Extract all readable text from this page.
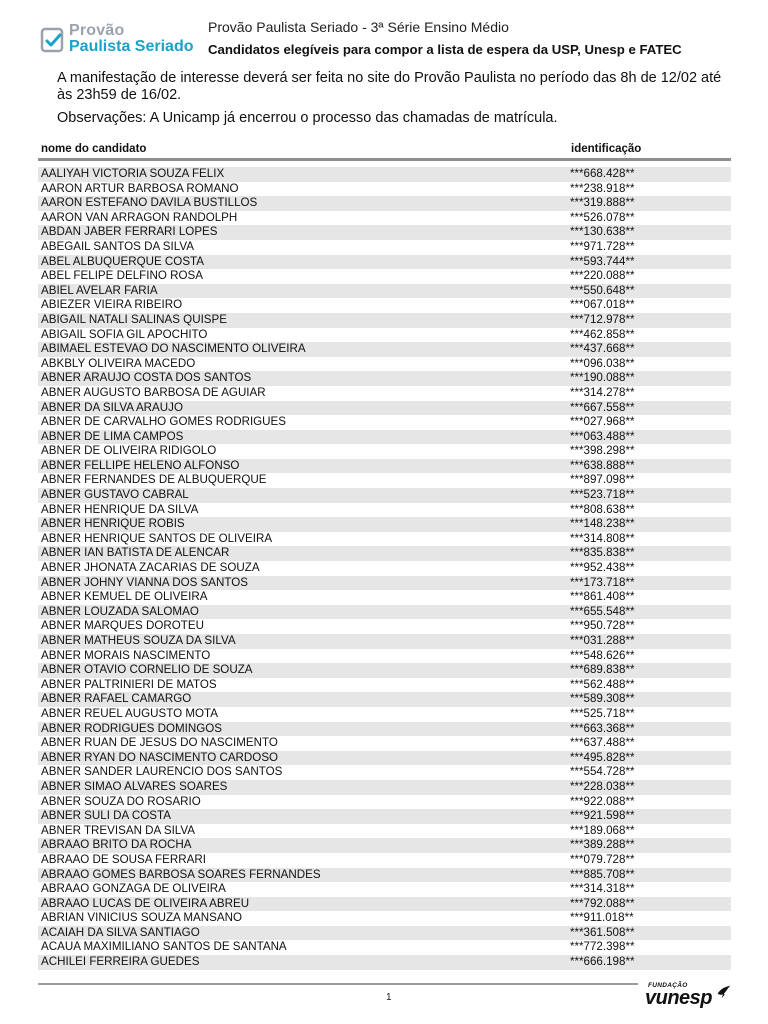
Provão
Paulista Seriado
Provão Paulista Seriado - 3ª Série Ensino Médio
Candidatos elegíveis para compor a lista de espera da USP, Unesp e FATEC
A manifestação de interesse deverá ser feita no site do Provão Paulista no período das 8h de 12/02 até às 23h59 de 16/02.
Observações: A Unicamp já encerrou o processo das chamadas de matrícula.
nome do candidato	identificação
AALIYAH VICTORIA SOUZA FELIX	***668.428**
AARON ARTUR BARBOSA ROMANO	***238.918**
AARON ESTEFANO DAVILA BUSTILLOS	***319.888**
AARON VAN ARRAGON RANDOLPH	***526.078**
ABDAN JABER FERRARI LOPES	***130.638**
ABEGAIL SANTOS DA SILVA	***971.728**
ABEL ALBUQUERQUE COSTA	***593.744**
ABEL FELIPE DELFINO ROSA	***220.088**
ABIEL AVELAR FARIA	***550.648**
ABIEZER VIEIRA RIBEIRO	***067.018**
ABIGAIL NATALI SALINAS QUISPE	***712.978**
ABIGAIL SOFIA GIL APOCHITO	***462.858**
ABIMAEL ESTEVAO DO NASCIMENTO OLIVEIRA	***437.668**
ABKBLY OLIVEIRA MACEDO	***096.038**
ABNER ARAUJO COSTA DOS SANTOS	***190.088**
ABNER AUGUSTO BARBOSA DE AGUIAR	***314.278**
ABNER DA SILVA ARAUJO	***667.558**
ABNER DE CARVALHO GOMES RODRIGUES	***027.968**
ABNER DE LIMA CAMPOS	***063.488**
ABNER DE OLIVEIRA RIDIGOLO	***398.298**
ABNER FELLIPE HELENO ALFONSO	***638.888**
ABNER FERNANDES DE ALBUQUERQUE	***897.098**
ABNER GUSTAVO CABRAL	***523.718**
ABNER HENRIQUE DA SILVA	***808.638**
ABNER HENRIQUE ROBIS	***148.238**
ABNER HENRIQUE SANTOS DE OLIVEIRA	***314.808**
ABNER IAN BATISTA DE ALENCAR	***835.838**
ABNER JHONATA ZACARIAS DE SOUZA	***952.438**
ABNER JOHNY VIANNA DOS SANTOS	***173.718**
ABNER KEMUEL DE OLIVEIRA	***861.408**
ABNER LOUZADA SALOMAO	***655.548**
ABNER MARQUES DOROTEU	***950.728**
ABNER MATHEUS SOUZA DA SILVA	***031.288**
ABNER MORAIS NASCIMENTO	***548.626**
ABNER OTAVIO CORNELIO DE SOUZA	***689.838**
ABNER PALTRINIERI DE MATOS	***562.488**
ABNER RAFAEL CAMARGO	***589.308**
ABNER REUEL AUGUSTO MOTA	***525.718**
ABNER RODRIGUES DOMINGOS	***663.368**
ABNER RUAN DE JESUS DO NASCIMENTO	***637.488**
ABNER RYAN DO NASCIMENTO CARDOSO	***495.828**
ABNER SANDER LAURENCIO DOS SANTOS	***554.728**
ABNER SIMAO ALVARES SOARES	***228.038**
ABNER SOUZA DO ROSARIO	***922.088**
ABNER SULI DA COSTA	***921.598**
ABNER TREVISAN DA SILVA	***189.068**
ABRAAO BRITO DA ROCHA	***389.288**
ABRAAO DE SOUSA FERRARI	***079.728**
ABRAAO GOMES BARBOSA SOARES FERNANDES	***885.708**
ABRAAO GONZAGA DE OLIVEIRA	***314.318**
ABRAAO LUCAS DE OLIVEIRA ABREU	***792.088**
ABRIAN VINICIUS SOUZA MANSANO	***911.018**
ACAIAH DA SILVA SANTIAGO	***361.508**
ACAUA MAXIMILIANO SANTOS DE SANTANA	***772.398**
ACHILEI FERREIRA GUEDES	***666.198**
1
FUNDAÇÃO
vunesp
